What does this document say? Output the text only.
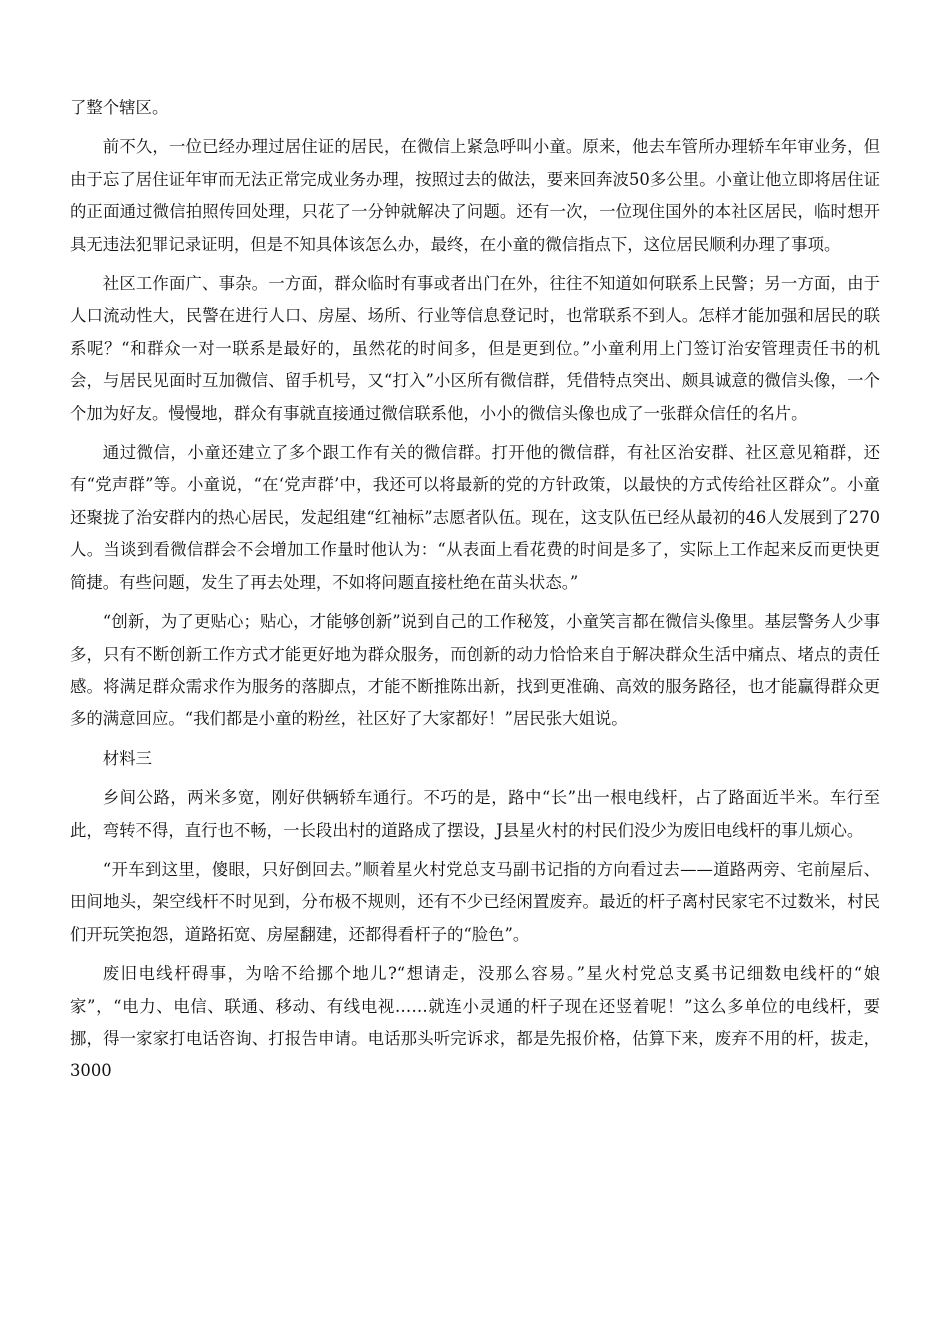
了整个辖区。

前不久，一位已经办理过居住证的居民，在微信上紧急呼叫小童。原来，他去车管所办理轿车年审业务，但由于忘了居住证年审而无法正常完成业务办理，按照过去的做法，要来回奔波50多公里。小童让他立即将居住证的正面通过微信拍照传回处理，只花了一分钟就解决了问题。还有一次，一位现住国外的本社区居民，临时想开具无违法犯罪记录证明，但是不知具体该怎么办，最终，在小童的微信指点下，这位居民顺利办理了事项。

社区工作面广、事杂。一方面，群众临时有事或者出门在外，往往不知道如何联系上民警；另一方面，由于人口流动性大，民警在进行人口、房屋、场所、行业等信息登记时，也常联系不到人。怎样才能加强和居民的联系呢？“和群众一对一联系是最好的，虽然花的时间多，但是更到位。”小童利用上门签订治安管理责任书的机会，与居民见面时互加微信、留手机号，又“打入”小区所有微信群，凭借特点突出、颇具诚意的微信头像，一个个加为好友。慢慢地，群众有事就直接通过微信联系他，小小的微信头像也成了一张群众信任的名片。

通过微信，小童还建立了多个跟工作有关的微信群。打开他的微信群，有社区治安群、社区意见箱群，还有“党声群”等。小童说，“在‘党声群’中，我还可以将最新的党的方针政策，以最快的方式传给社区群众”。小童还聚拢了治安群内的热心居民，发起组建“红袖标”志愿者队伍。现在，这支队伍已经从最初的46人发展到了270人。当谈到看微信群会不会增加工作量时他认为：“从表面上看花费的时间是多了，实际上工作起来反而更快更简捷。有些问题，发生了再去处理，不如将问题直接杜绝在苗头状态。”

“创新，为了更贴心；贴心，才能够创新”说到自己的工作秘笈，小童笑言都在微信头像里。基层警务人少事多，只有不断创新工作方式才能更好地为群众服务，而创新的动力恰恰来自于解决群众生活中痛点、堵点的责任感。将满足群众需求作为服务的落脚点，才能不断推陈出新，找到更准确、高效的服务路径，也才能赢得群众更多的满意回应。“我们都是小童的粉丝，社区好了大家都好！”居民张大姐说。

材料三

乡间公路，两米多宽，刚好供辆轿车通行。不巧的是，路中“长”出一根电线杆，占了路面近半米。车行至此，弯转不得，直行也不畅，一长段出村的道路成了摆设，J县星火村的村民们没少为废旧电线杆的事儿烦心。

“开车到这里，傻眼，只好倒回去。”顺着星火村党总支马副书记指的方向看过去——道路两旁、宅前屋后、田间地头，架空线杆不时见到，分布极不规则，还有不少已经闲置废弃。最近的杆子离村民家宅不过数米，村民们开玩笑抱怨，道路拓宽、房屋翻建，还都得看杆子的“脸色”。

废旧电线杆碍事，为啥不给挪个地儿?“想请走，没那么容易。”星火村党总支奚书记细数电线杆的“娘家”，“电力、电信、联通、移动、有线电视……就连小灵通的杆子现在还竖着呢！”这么多单位的电线杆，要挪，得一家家打电话咨询、打报告申请。电话那头听完诉求，都是先报价格，估算下来，废弃不用的杆，拔走，3000
